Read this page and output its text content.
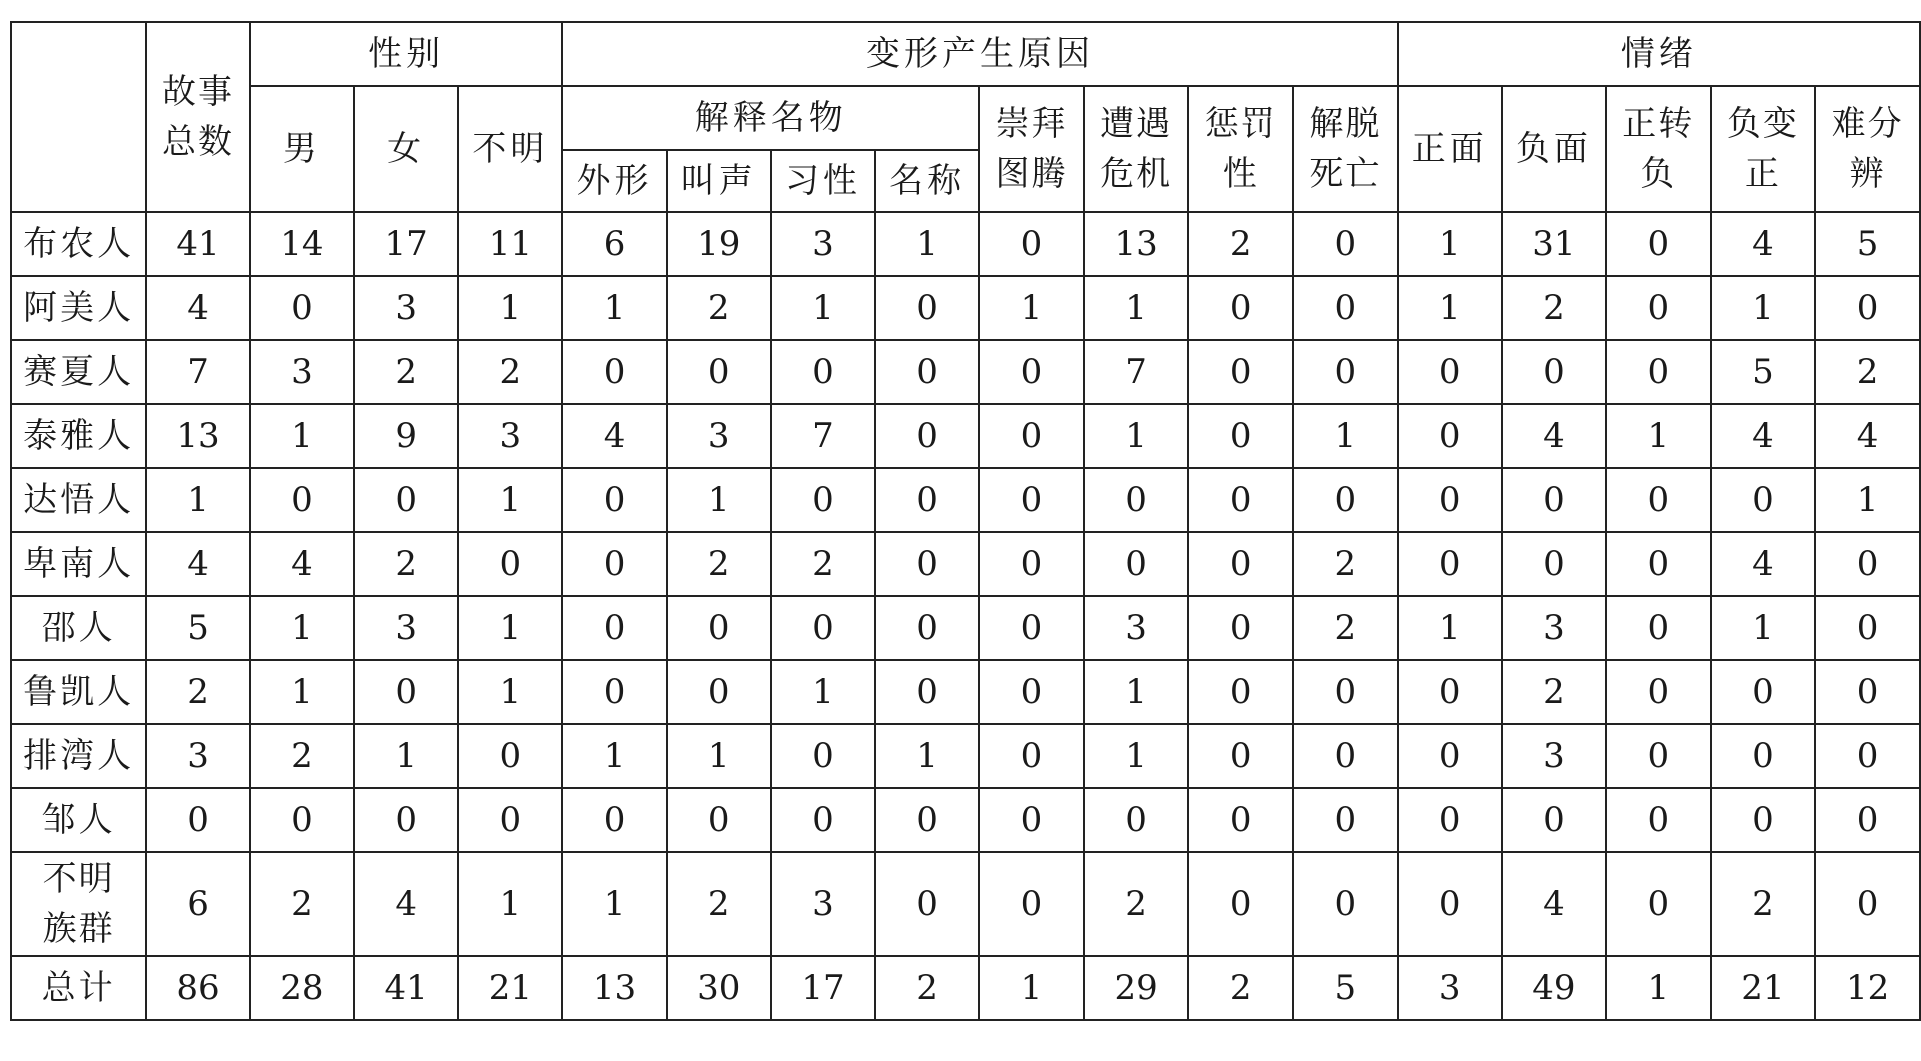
	故事总数	性别			变形产生原因								情绪				
		男	女	不明	解释名物				崇拜图腾	遭遇危机	惩罚性	解脱死亡	正面	负面	正转负	负变正	难分辨
					外形	叫声	习性	名称									
布农人	41	14	17	11	6	19	3	1	0	13	2	0	1	31	0	4	5
阿美人	4	0	3	1	1	2	1	0	1	1	0	0	1	2	0	1	0
赛夏人	7	3	2	2	0	0	0	0	0	7	0	0	0	0	0	5	2
泰雅人	13	1	9	3	4	3	7	0	0	1	0	1	0	4	1	4	4
达悟人	1	0	0	1	0	1	0	0	0	0	0	0	0	0	0	0	1
卑南人	4	4	2	0	0	2	2	0	0	0	0	2	0	0	0	4	0
邵人	5	1	3	1	0	0	0	0	0	3	0	2	1	3	0	1	0
鲁凯人	2	1	0	1	0	0	1	0	0	1	0	0	0	2	0	0	0
排湾人	3	2	1	0	1	1	0	1	0	1	0	0	0	3	0	0	0
邹人	0	0	0	0	0	0	0	0	0	0	0	0	0	0	0	0	0
不明族群	6	2	4	1	1	2	3	0	0	2	0	0	0	4	0	2	0
总计	86	28	41	21	13	30	17	2	1	29	2	5	3	49	1	21	12
